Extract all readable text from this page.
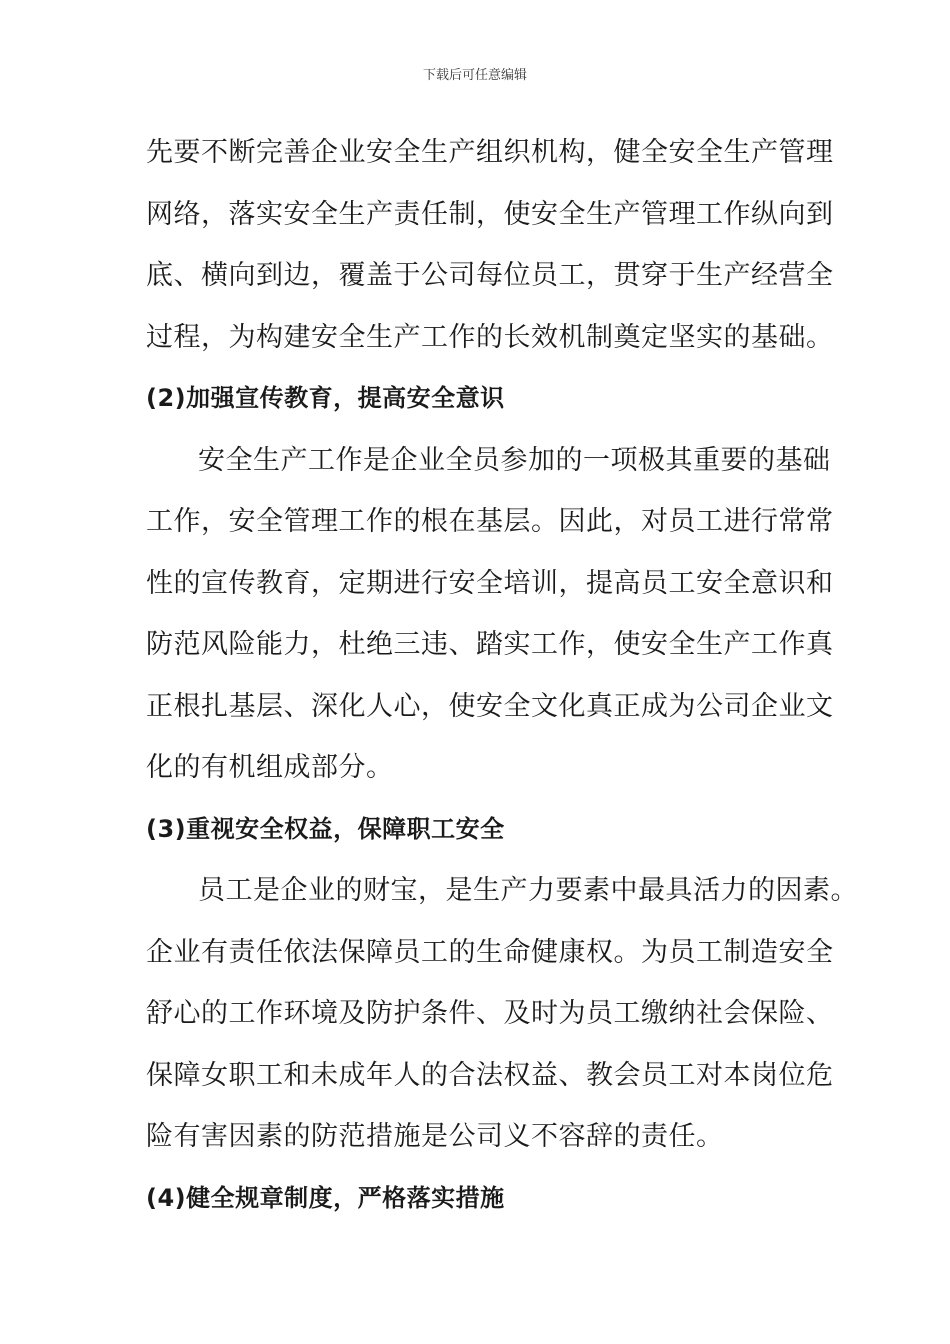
下载后可任意编辑
先要不断完善企业安全生产组织机构，健全安全生产管理
网络，落实安全生产责任制，使安全生产管理工作纵向到
底、横向到边，覆盖于公司每位员工，贯穿于生产经营全
过程，为构建安全生产工作的长效机制奠定坚实的基础。
(2)加强宣传教育，提高安全意识
安全生产工作是企业全员参加的一项极其重要的基础
工作，安全管理工作的根在基层。因此，对员工进行常常
性的宣传教育，定期进行安全培训，提高员工安全意识和
防范风险能力，杜绝三违、踏实工作，使安全生产工作真
正根扎基层、深化人心，使安全文化真正成为公司企业文
化的有机组成部分。
(3)重视安全权益，保障职工安全
员工是企业的财宝，是生产力要素中最具活力的因素。
企业有责任依法保障员工的生命健康权。为员工制造安全
舒心的工作环境及防护条件、及时为员工缴纳社会保险、
保障女职工和未成年人的合法权益、教会员工对本岗位危
险有害因素的防范措施是公司义不容辞的责任。
(4)健全规章制度，严格落实措施
